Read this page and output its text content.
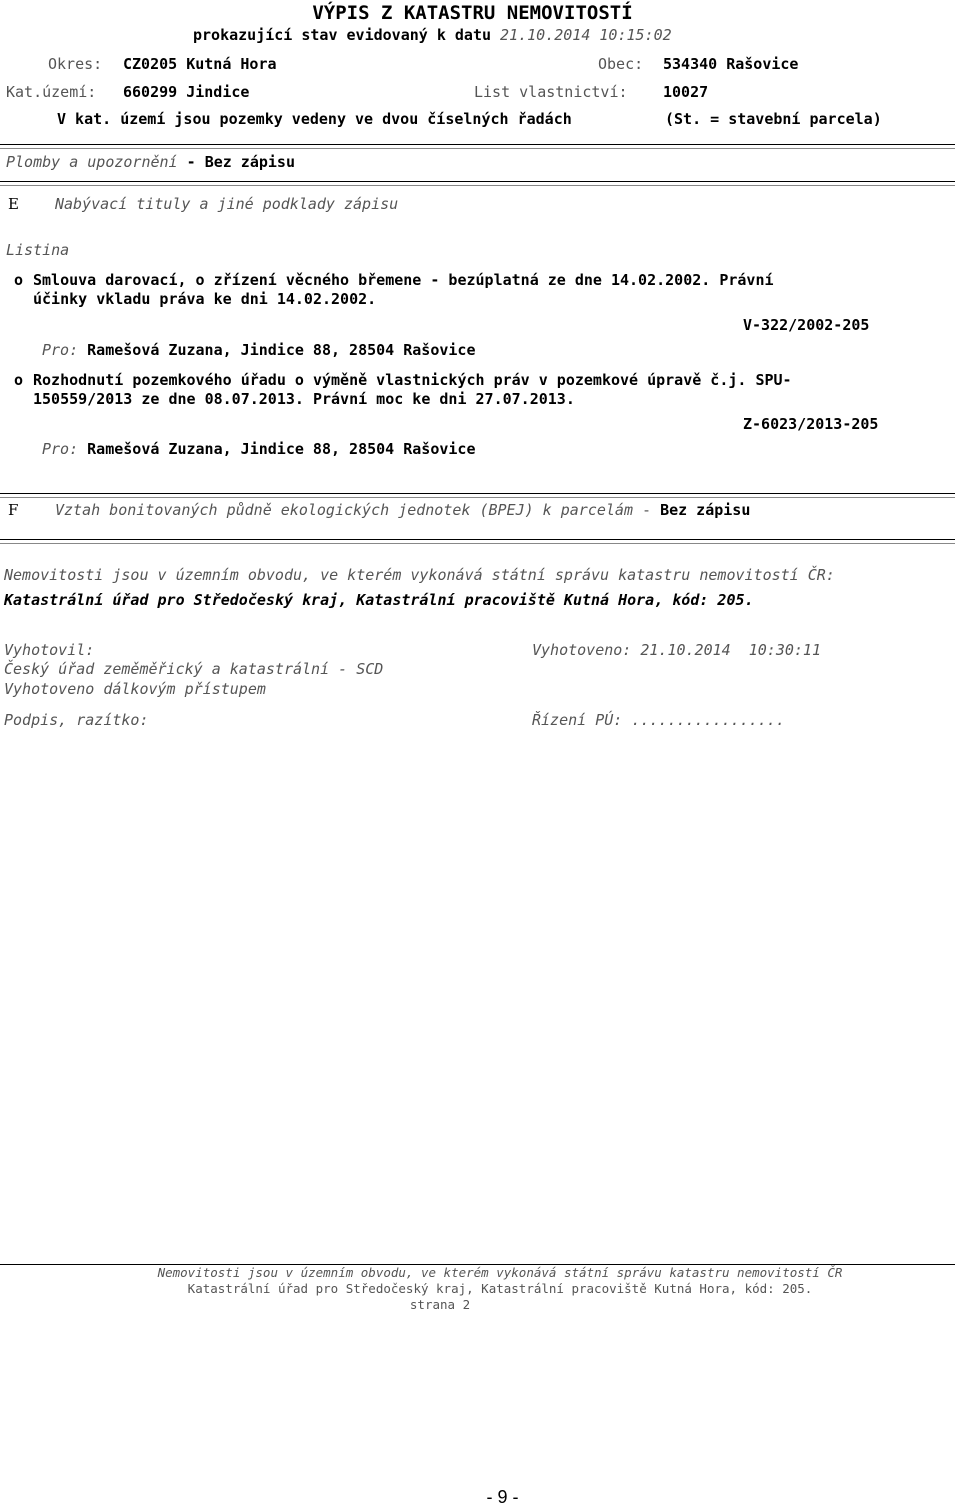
VÝPIS Z KATASTRU NEMOVITOSTÍ
prokazující stav evidovaný k datu 21.10.2014 10:15:02
Okres: CZ0205 Kutná Hora	Obec: 534340 Rašovice
Kat.území: 660299 Jindice	List vlastnictví: 10027
V kat. území jsou pozemky vedeny ve dvou číselných řadách	(St. = stavební parcela)
Plomby a upozornění - Bez zápisu
E Nabývací tituly a jiné podklady zápisu
Listina
o Smlouva darovací, o zřízení věcného břemene - bezúplatná ze dne 14.02.2002. Právní
účinky vkladu práva ke dni 14.02.2002.
V-322/2002-205
Pro: Ramešová Zuzana, Jindice 88, 28504 Rašovice
o Rozhodnutí pozemkového úřadu o výměně vlastnických práv v pozemkové úpravě č.j. SPU-
150559/2013 ze dne 08.07.2013. Právní moc ke dni 27.07.2013.
Z-6023/2013-205
Pro: Ramešová Zuzana, Jindice 88, 28504 Rašovice
F Vztah bonitovaných půdně ekologických jednotek (BPEJ) k parcelám - Bez zápisu
Nemovitosti jsou v územním obvodu, ve kterém vykonává státní správu katastru nemovitostí ČR:
Katastrální úřad pro Středočeský kraj, Katastrální pracoviště Kutná Hora, kód: 205.
Vyhotovil:
Český úřad zeměměřický a katastrální - SCD
Vyhotoveno dálkovým přístupem
Vyhotoveno: 21.10.2014  10:30:11
Podpis, razítko:	Řízení PÚ: .................
Nemovitosti jsou v územním obvodu, ve kterém vykonává státní správu katastru nemovitostí ČR
Katastrální úřad pro Středočeský kraj, Katastrální pracoviště Kutná Hora, kód: 205.
strana 2
- 9 -
